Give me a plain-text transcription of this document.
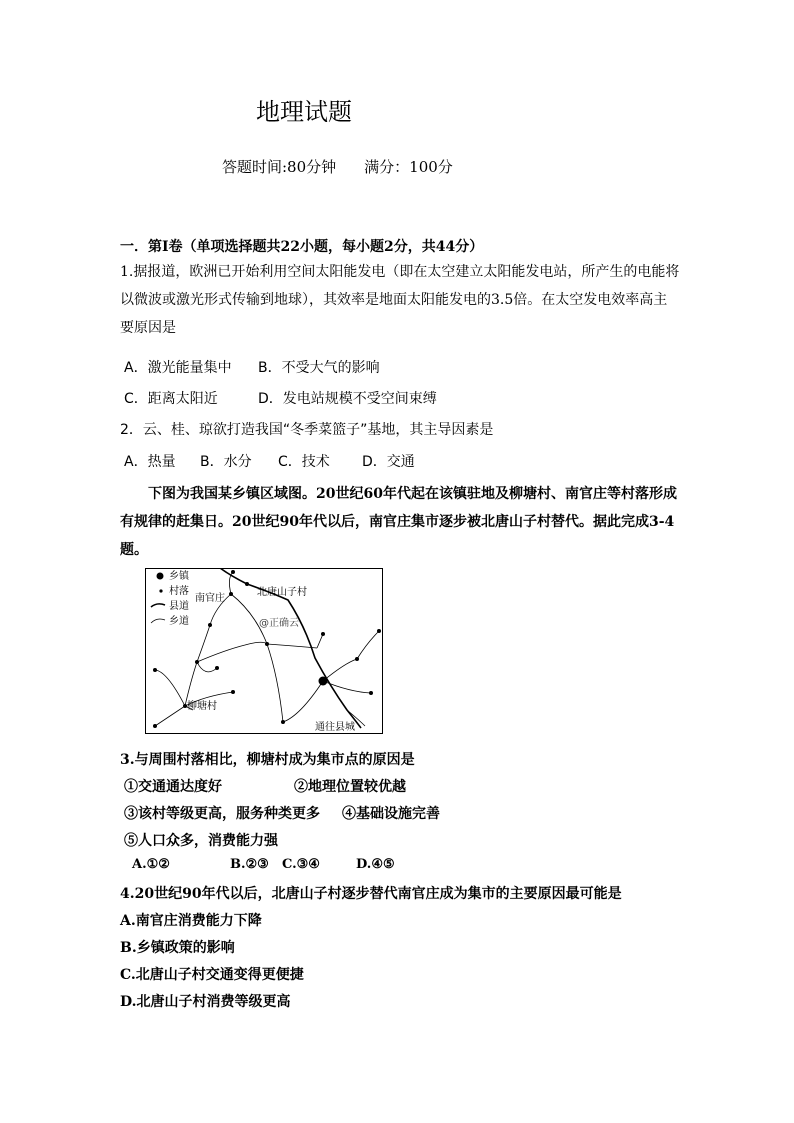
地理试题
答题时间:80分钟 满分：100分
一．第Ⅰ卷（单项选择题共22小题，每小题2分，共44分）
1.据报道，欧洲已开始利用空间太阳能发电（即在太空建立太阳能发电站，所产生的电能将以微波或激光形式传输到地球），其效率是地面太阳能发电的3.5倍。在太空发电效率高主要原因是
A．激光能量集中 B．不受大气的影响
C．距离太阳近	D．发电站规模不受空间束缚
2．云、桂、琼欲打造我国“冬季菜篮子”基地，其主导因素是
A．热量 B．水分 C．技术 D．交通
下图为我国某乡镇区域图。20世纪60年代起在该镇驻地及柳塘村、南官庄等村落形成有规律的赶集日。20世纪90年代以后，南官庄集市逐步被北唐山子村替代。据此完成3-4题。
乡镇
村落
县道
乡道
南官庄
北唐山子村
@正确云
柳塘村
通往县城
3.与周围村落相比，柳塘村成为集市点的原因是
①交通通达度好	②地理位置较优越
③该村等级更高，服务种类更多 ④基础设施完善
⑤人口众多，消费能力强
A.①②	B.②③ C.③④	D.④⑤
4.20世纪90年代以后，北唐山子村逐步替代南官庄成为集市的主要原因最可能是
A.南官庄消费能力下降
B.乡镇政策的影响
C.北唐山子村交通变得更便捷
D.北唐山子村消费等级更高
